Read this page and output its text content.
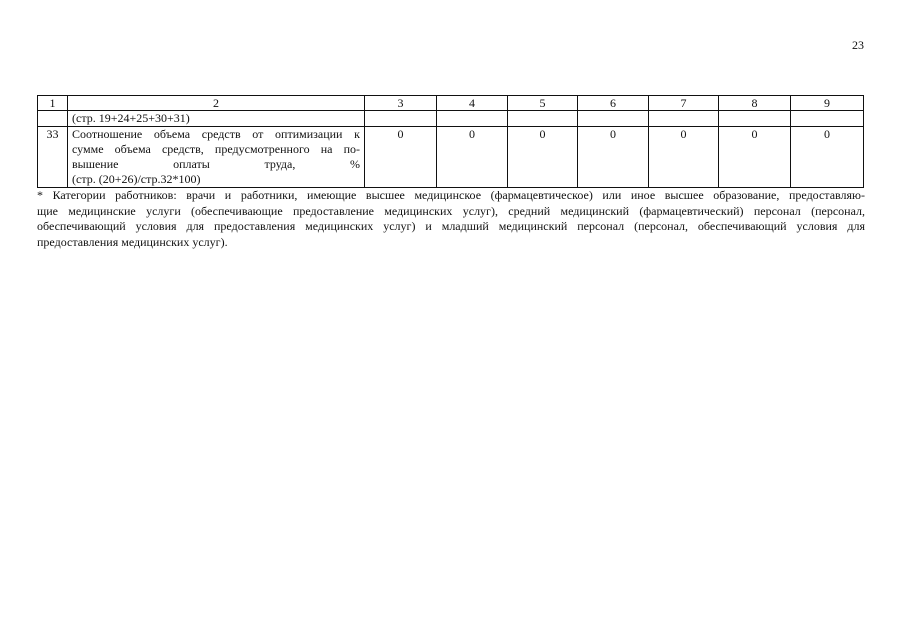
23
1	2	3	4	5	6	7	8	9
	(стр. 19+24+25+30+31)							
33	Соотношение объема средств от оптимизации к
сумме объема средств, предусмотренного на по-
вышение оплаты труда, %
(стр. (20+26)/стр.32*100)	0	0	0	0	0	0	0
* Категории работников: врачи и работники, имеющие высшее медицинское (фармацевтическое) или иное высшее образование, предоставляю-
щие медицинские услуги (обеспечивающие предоставление медицинских услуг), средний медицинский (фармацевтический) персонал (персонал,
обеспечивающий условия для предоставления медицинских услуг) и младший медицинский персонал (персонал, обеспечивающий условия для
предоставления медицинских услуг).
